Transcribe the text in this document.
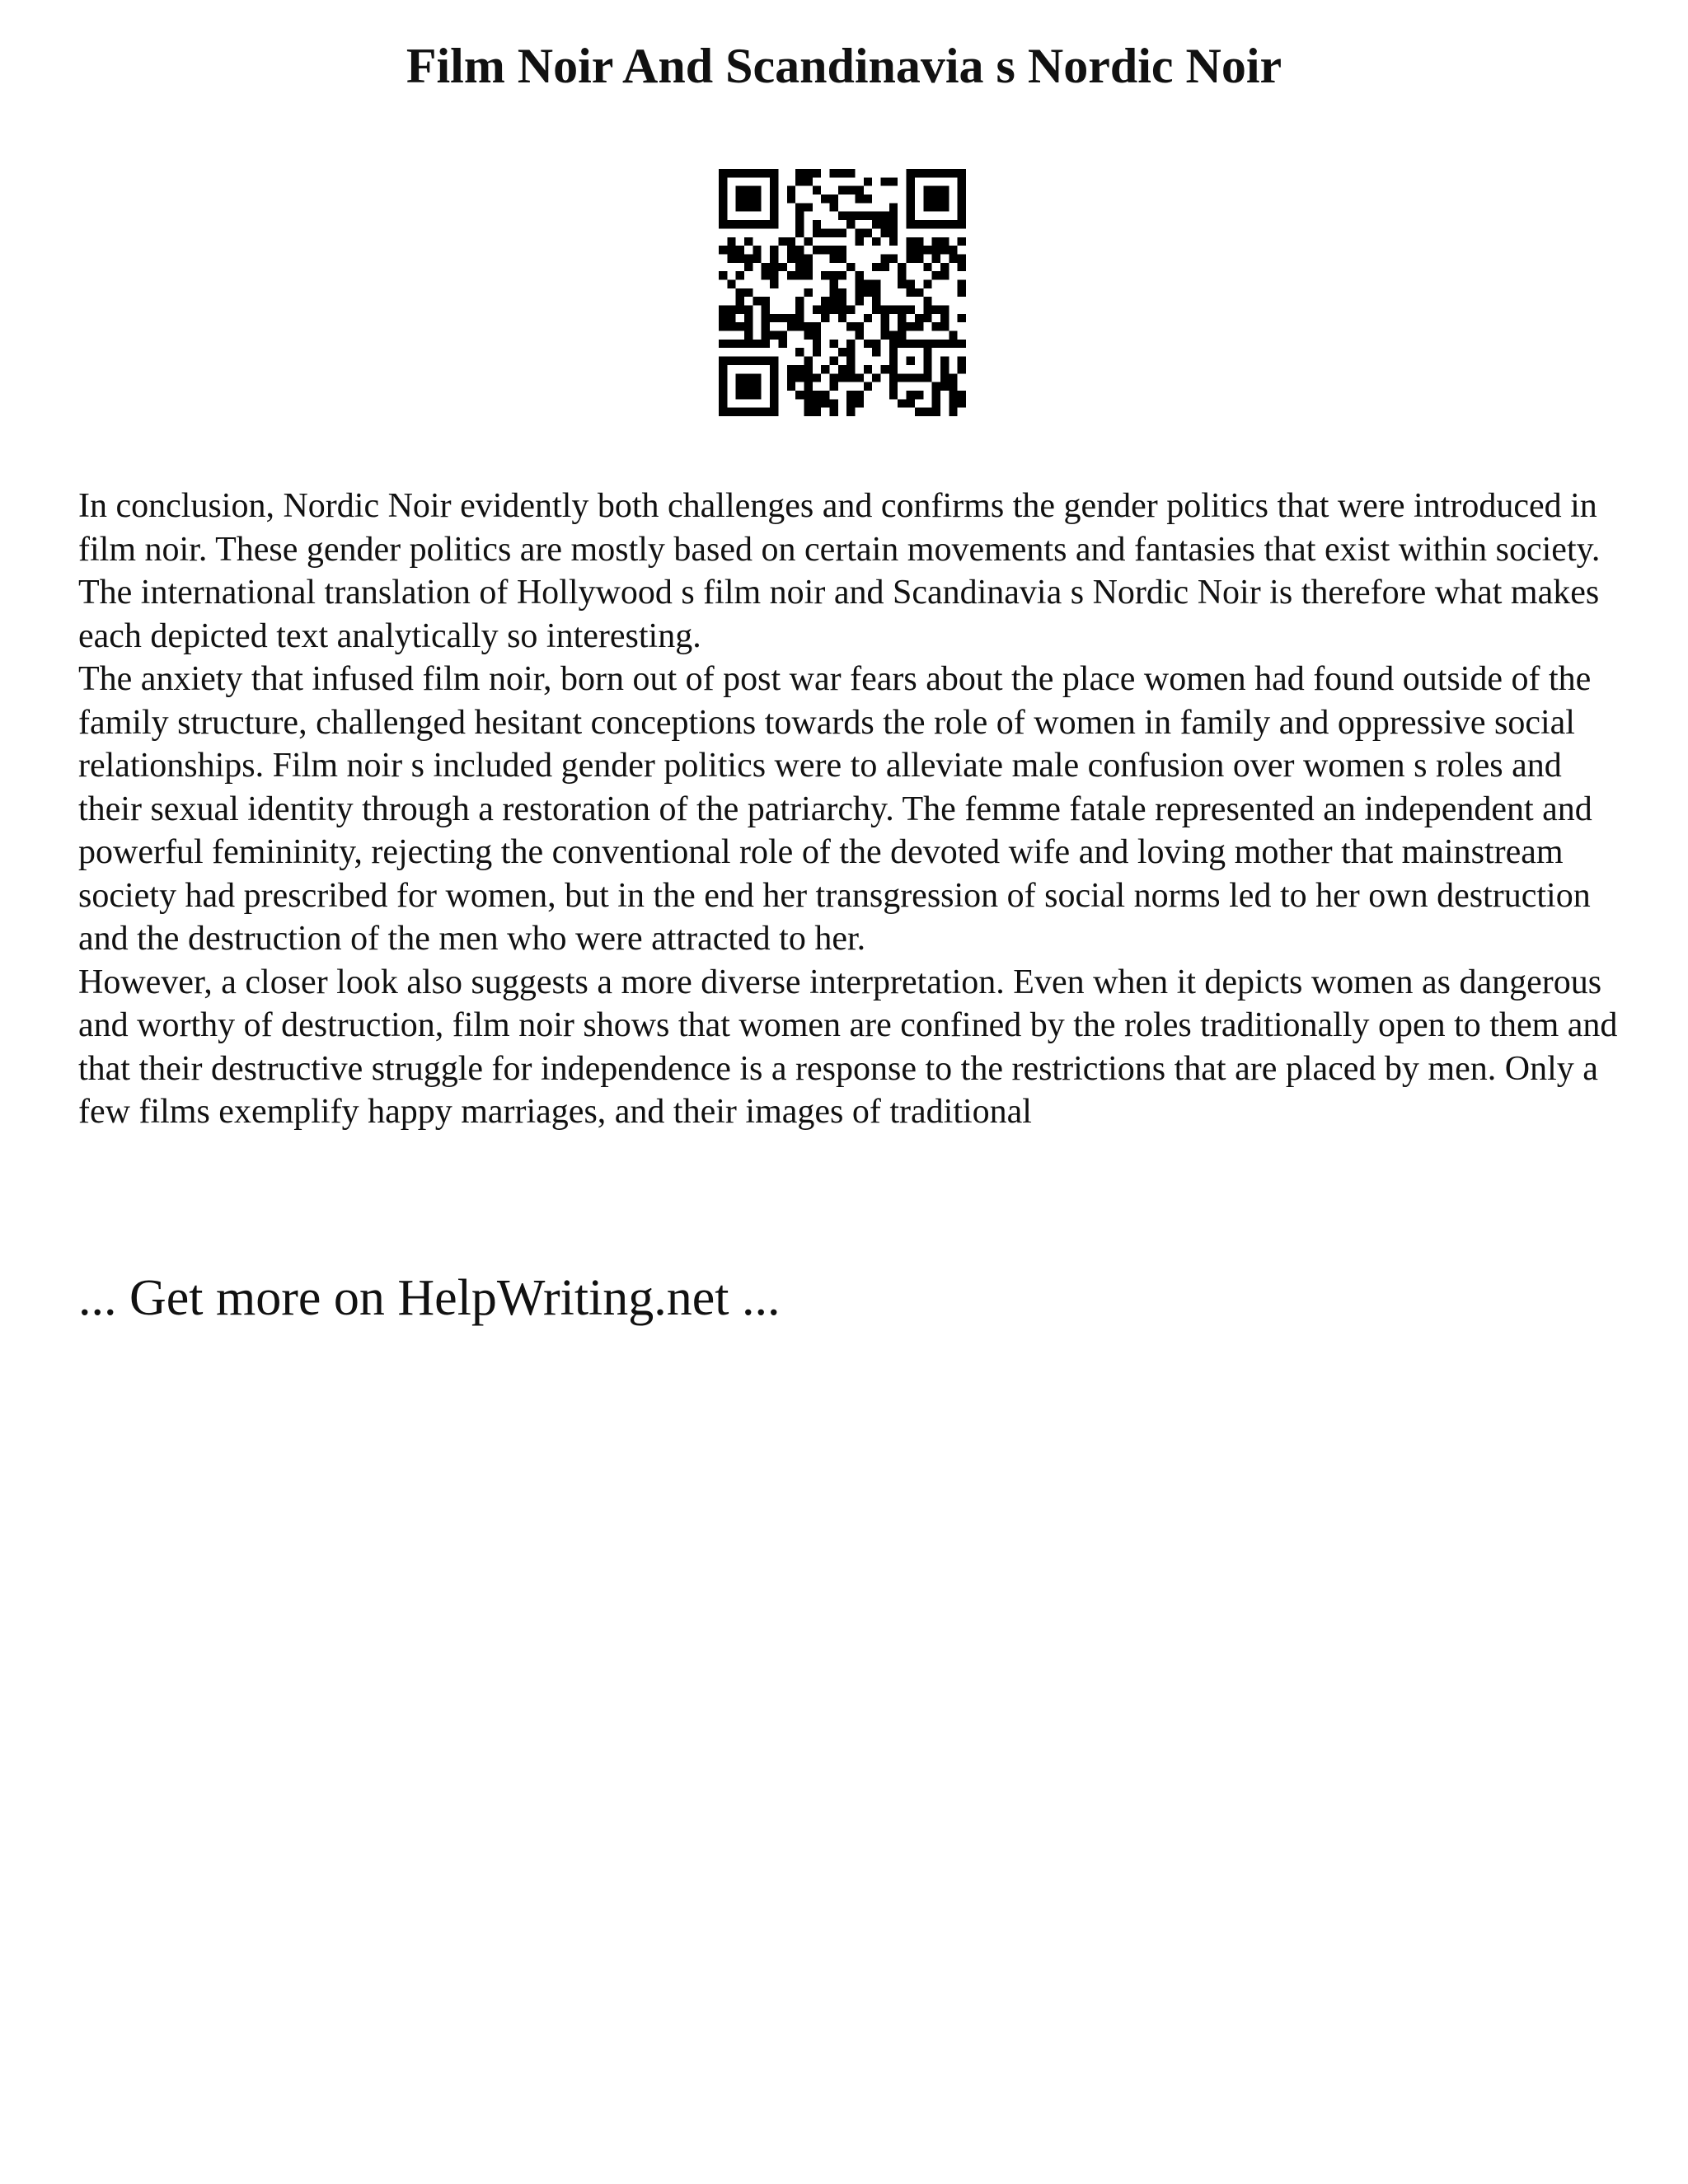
Film Noir And Scandinavia s Nordic Noir

In conclusion, Nordic Noir evidently both challenges and confirms the gender politics that were introduced in film noir. These gender politics are mostly based on certain movements and fantasies that exist within society. The international translation of Hollywood s film noir and Scandinavia s Nordic Noir is therefore what makes each depicted text analytically so interesting.

The anxiety that infused film noir, born out of post war fears about the place women had found outside of the family structure, challenged hesitant conceptions towards the role of women in family and oppressive social relationships. Film noir s included gender politics were to alleviate male confusion over women s roles and their sexual identity through a restoration of the patriarchy. The femme fatale represented an independent and powerful femininity, rejecting the conventional role of the devoted wife and loving mother that mainstream society had prescribed for women, but in the end her transgression of social norms led to her own destruction and the destruction of the men who were attracted to her.

However, a closer look also suggests a more diverse interpretation. Even when it depicts women as dangerous and worthy of destruction, film noir shows that women are confined by the roles traditionally open to them and that their destructive struggle for independence is a response to the restrictions that are placed by men. Only a few films exemplify happy marriages, and their images of traditional

... Get more on HelpWriting.net ...
